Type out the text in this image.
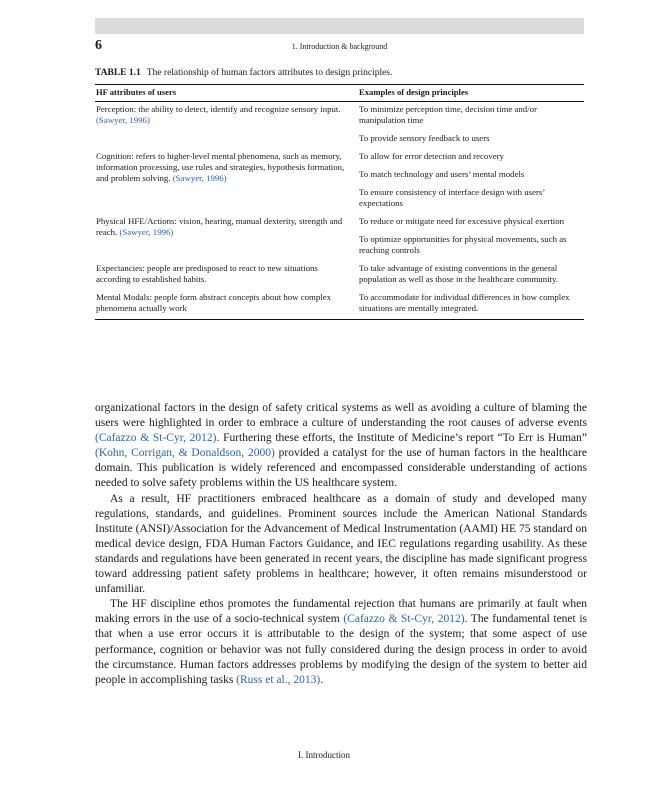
6	1. Introduction & background
TABLE 1.1 The relationship of human factors attributes to design principles.
HF attributes of users	Examples of design principles
Perception: the ability to detect, identify and recognize sensory input. (Sawyer, 1996)	To minimize perception time, decision time and/or manipulation time
	To provide sensory feedback to users
Cognition: refers to higher-level mental phenomena, such as memory, information processing, use rules and strategies, hypothesis formation, and problem solving. (Sawyer, 1996)	To allow for error detection and recovery
	To match technology and users’ mental models
	To ensure consistency of interface design with users’ expectations
Physical HFE/Actions: vision, hearing, manual dexterity, strength and reach. (Sawyer, 1996)	To reduce or mitigate need for excessive physical exertion
	To optimize opportunities for physical movements, such as reaching controls
Expectancies: people are predisposed to react to new situations according to established habits.	To take advantage of existing conventions in the general population as well as those in the healthcare community.
Mental Modals: people form abstract concepts about how complex phenomena actually work	To accommodate for individual differences in how complex situations are mentally integrated.

organizational factors in the design of safety critical systems as well as avoiding a culture of blaming the users were highlighted in order to embrace a culture of understanding the root causes of adverse events (Cafazzo & St-Cyr, 2012). Furthering these efforts, the Institute of Medicine’s report “To Err is Human” (Kohn, Corrigan, & Donaldson, 2000) provided a catalyst for the use of human factors in the healthcare domain. This publication is widely referenced and encompassed considerable understanding of actions needed to solve safety problems within the US healthcare system.

As a result, HF practitioners embraced healthcare as a domain of study and developed many regulations, standards, and guidelines. Prominent sources include the American National Standards Institute (ANSI)/Association for the Advancement of Medical Instrumentation (AAMI) HE 75 standard on medical device design, FDA Human Factors Guidance, and IEC regulations regarding usability. As these standards and regulations have been generated in recent years, the discipline has made significant progress toward addressing patient safety problems in healthcare; however, it often remains misunderstood or unfamiliar.

The HF discipline ethos promotes the fundamental rejection that humans are primarily at fault when making errors in the use of a socio-technical system (Cafazzo & St-Cyr, 2012). The fundamental tenet is that when a use error occurs it is attributable to the design of the system; that some aspect of use performance, cognition or behavior was not fully considered during the design process in order to avoid the circumstance. Human factors addresses problems by modifying the design of the system to better aid people in accomplishing tasks (Russ et al., 2013).

I. Introduction
